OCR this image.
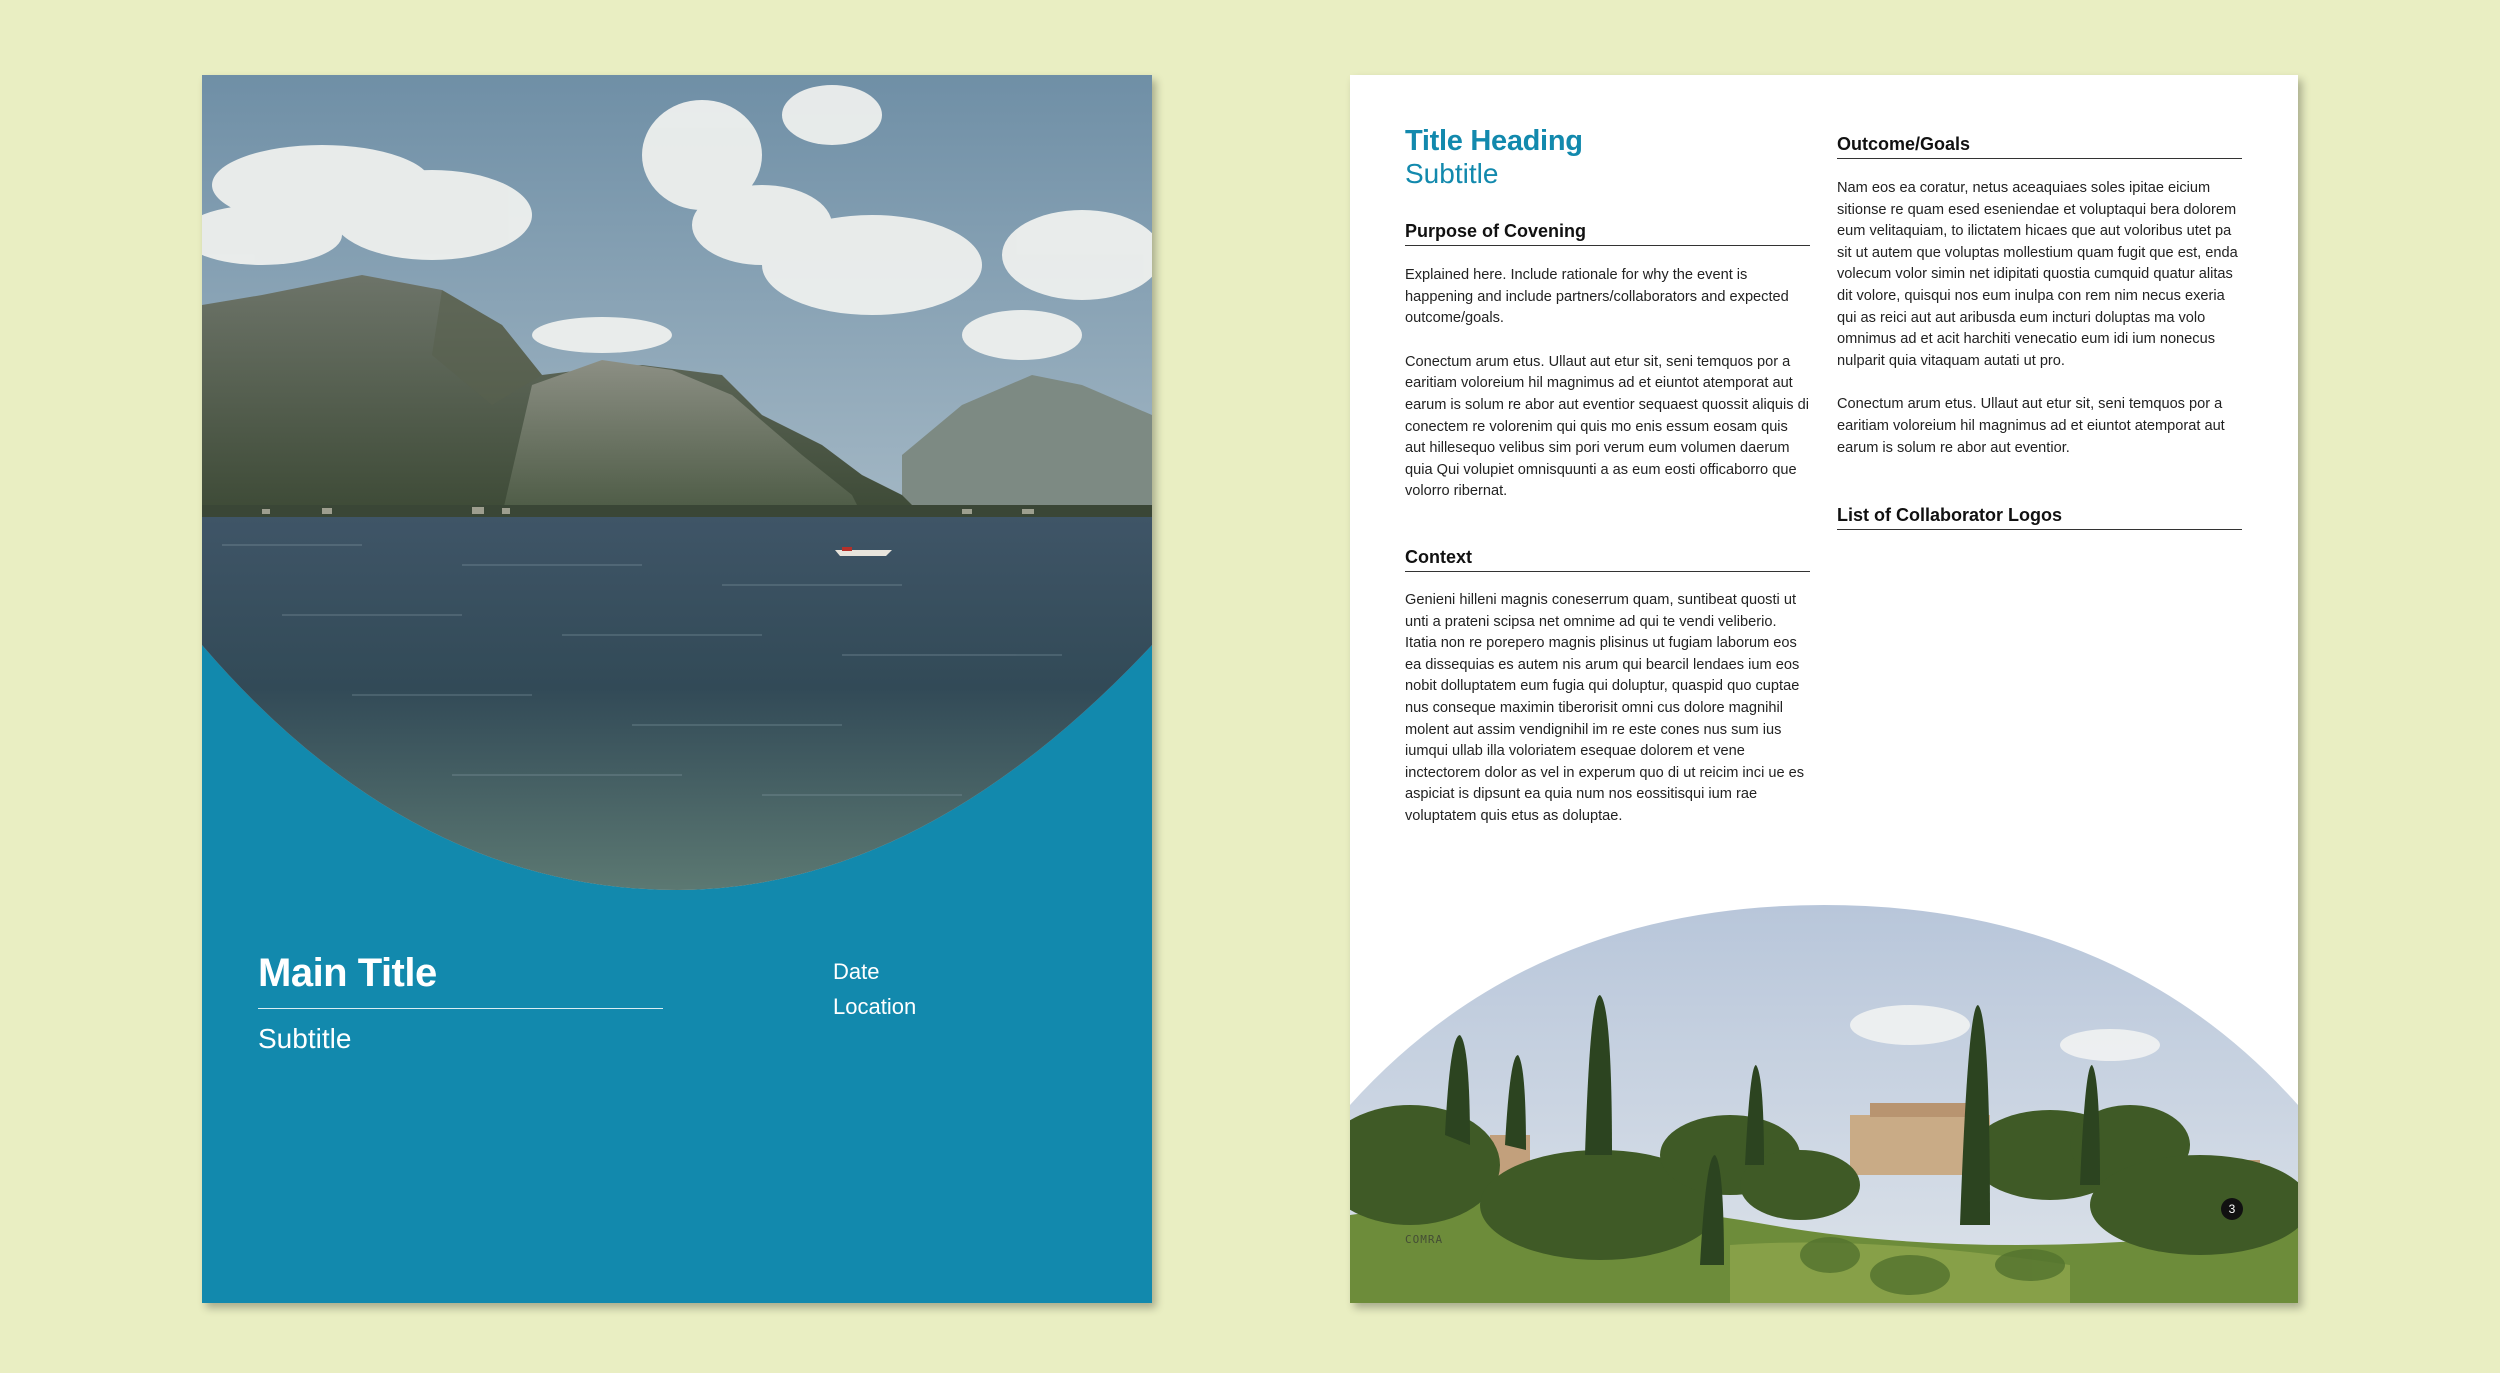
Main Title
Subtitle
Date
Location
Title Heading
Subtitle
Purpose of Covening

Explained here. Include rationale for why the event is happening and include partners/collaborators and expected outcome/goals.

Conectum arum etus. Ullaut aut etur sit, seni temquos por a earitiam voloreium hil magnimus ad et eiuntot atemporat aut earum is solum re abor aut eventior sequaest quossit aliquis di conectem re volorenim qui quis mo enis essum eosam quis aut hillesequo velibus sim pori verum eum volumen daerum quia Qui volupiet omnisquunti a as eum eosti officaborro que volorro ribernat.

Context

Genieni hilleni magnis coneserrum quam, suntibeat quosti ut unti a prateni scipsa net omnime ad qui te vendi veliberio. Itatia non re porepero magnis plisinus ut fugiam laborum eos ea dissequias es autem nis arum qui bearcil lendaes ium eos nobit dolluptatem eum fugia qui doluptur, quaspid quo cuptae nus conseque maximin tiberorisit omni cus dolore magnihil molent aut assim vendignihil im re este cones nus sum ius iumqui ullab illa voloriatem esequae dolorem et vene inctectorem dolor as vel in experum quo di ut reicim inci ue es aspiciat is dipsunt ea quia num nos eossitisqui ium rae voluptatem quis etus as doluptae.

Outcome/Goals

Nam eos ea coratur, netus aceaquiaes soles ipitae eicium sitionse re quam esed eseniendae et voluptaqui bera dolorem eum velitaquiam, to ilictatem hicaes que aut voloribus utet pa sit ut autem que voluptas mollestium quam fugit que est, enda volecum volor simin net idipitati quostia cumquid quatur alitas dit volore, quisqui nos eum inulpa con rem nim necus exeria qui as reici aut aut aribusda eum incturi doluptas ma volo omnimus ad et acit harchiti venecatio eum idi ium nonecus nulparit quia vitaquam autati ut pro.

Conectum arum etus. Ullaut aut etur sit, seni temquos por a earitiam voloreium hil magnimus ad et eiuntot atemporat aut earum is solum re abor aut eventior.

List of Collaborator Logos
COMRA
3
